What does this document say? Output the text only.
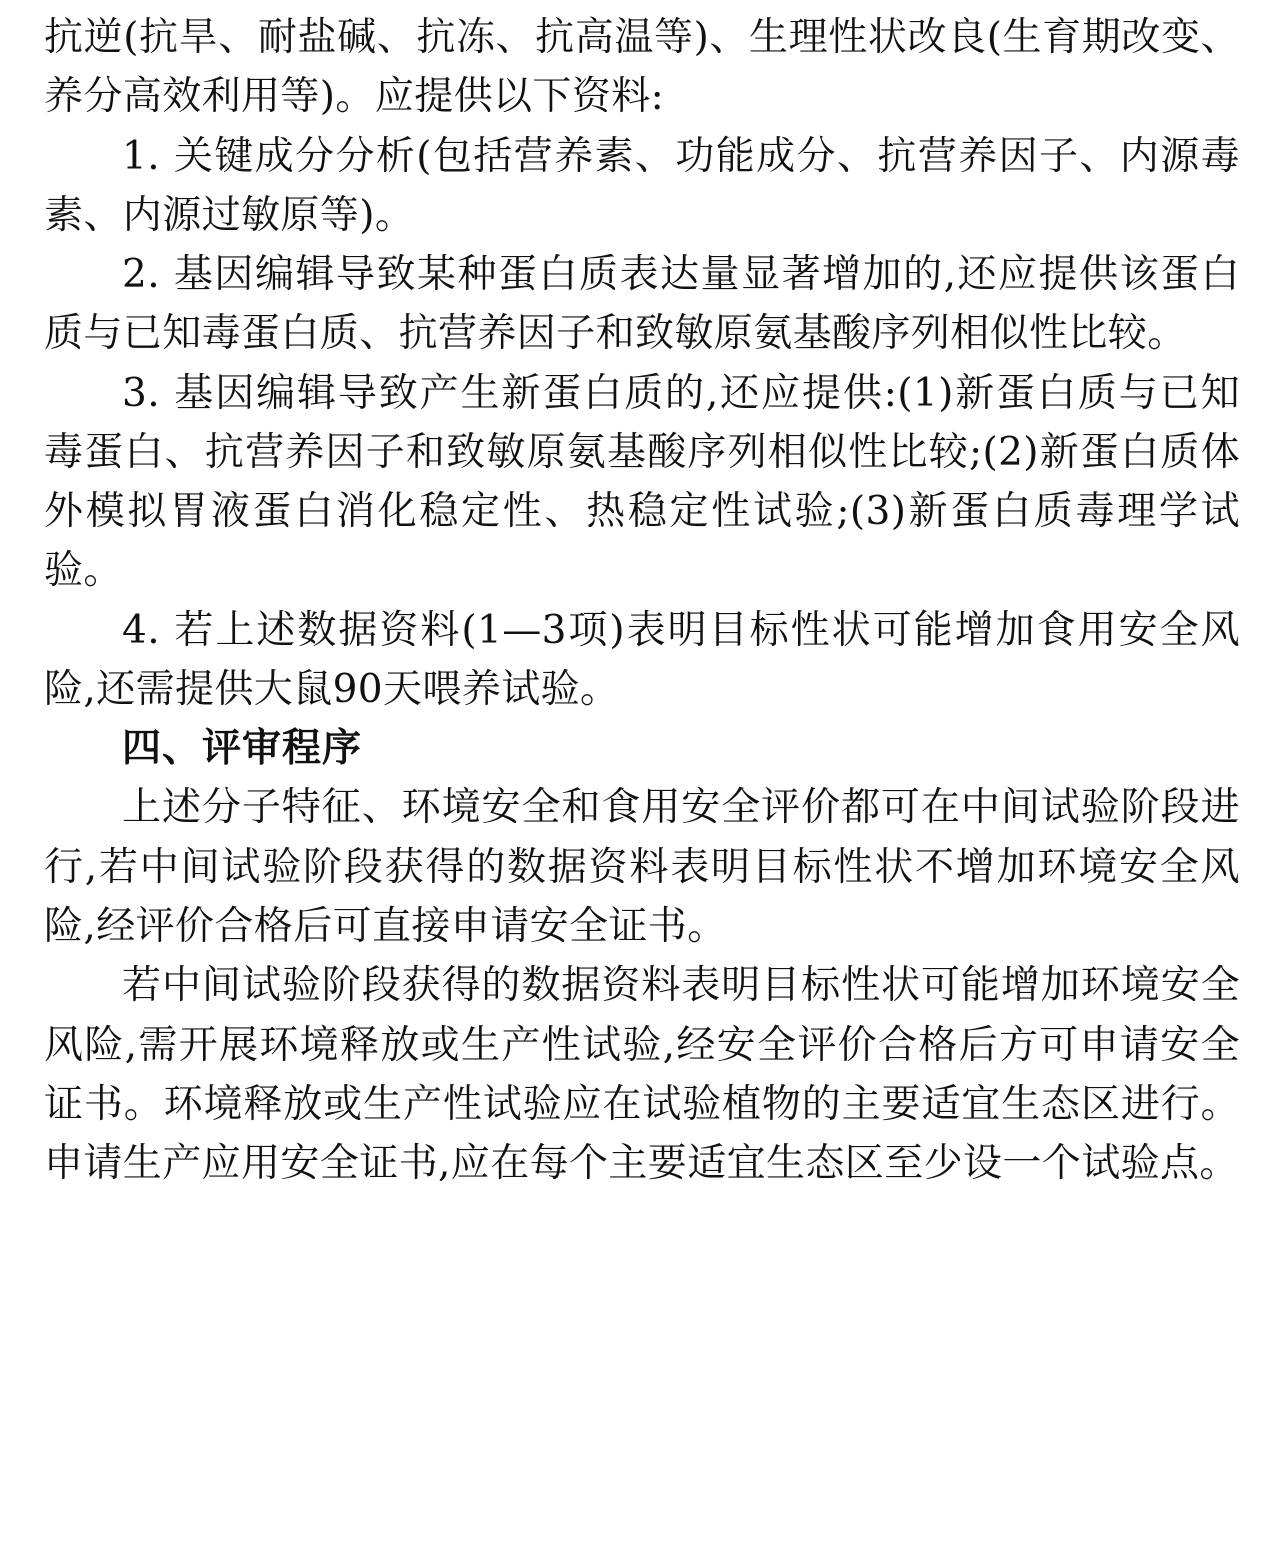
抗逆(抗旱、耐盐碱、抗冻、抗高温等)、生理性状改良(生育期改变、养分高效利用等)。应提供以下资料:

1. 关键成分分析(包括营养素、功能成分、抗营养因子、内源毒素、内源过敏原等)。

2. 基因编辑导致某种蛋白质表达量显著增加的,还应提供该蛋白质与已知毒蛋白质、抗营养因子和致敏原氨基酸序列相似性比较。

3. 基因编辑导致产生新蛋白质的,还应提供:(1)新蛋白质与已知毒蛋白、抗营养因子和致敏原氨基酸序列相似性比较;(2)新蛋白质体外模拟胃液蛋白消化稳定性、热稳定性试验;(3)新蛋白质毒理学试验。

4. 若上述数据资料(1—3项)表明目标性状可能增加食用安全风险,还需提供大鼠90天喂养试验。

四、评审程序

上述分子特征、环境安全和食用安全评价都可在中间试验阶段进行,若中间试验阶段获得的数据资料表明目标性状不增加环境安全风险,经评价合格后可直接申请安全证书。

若中间试验阶段获得的数据资料表明目标性状可能增加环境安全风险,需开展环境释放或生产性试验,经安全评价合格后方可申请安全证书。环境释放或生产性试验应在试验植物的主要适宜生态区进行。申请生产应用安全证书,应在每个主要适宜生态区至少设一个试验点。
